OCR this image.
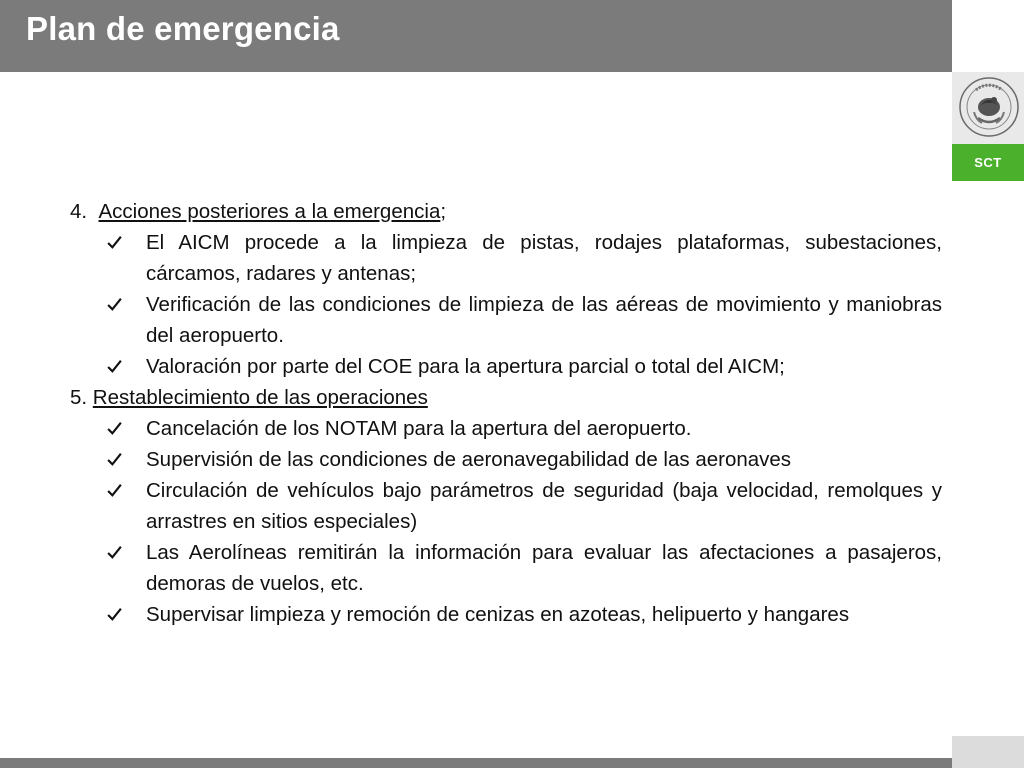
Plan de emergencia
SCT
4. Acciones posteriores a la emergencia ;
El AICM procede a la limpieza de pistas, rodajes plataformas, subestaciones, cárcamos, radares y antenas;
Verificación de las condiciones de limpieza de las aéreas de movimiento y maniobras del aeropuerto.
Valoración por parte del COE para la apertura parcial o total del AICM;
5. Restablecimiento de las operaciones
Cancelación de los NOTAM para la apertura del aeropuerto.
Supervisión de las condiciones de aeronavegabilidad de las aeronaves
Circulación de vehículos bajo parámetros de seguridad (baja velocidad, remolques y arrastres en sitios especiales)
Las Aerolíneas remitirán la información para evaluar las afectaciones a pasajeros, demoras de vuelos, etc.
Supervisar limpieza y remoción de cenizas en azoteas, helipuerto y hangares
